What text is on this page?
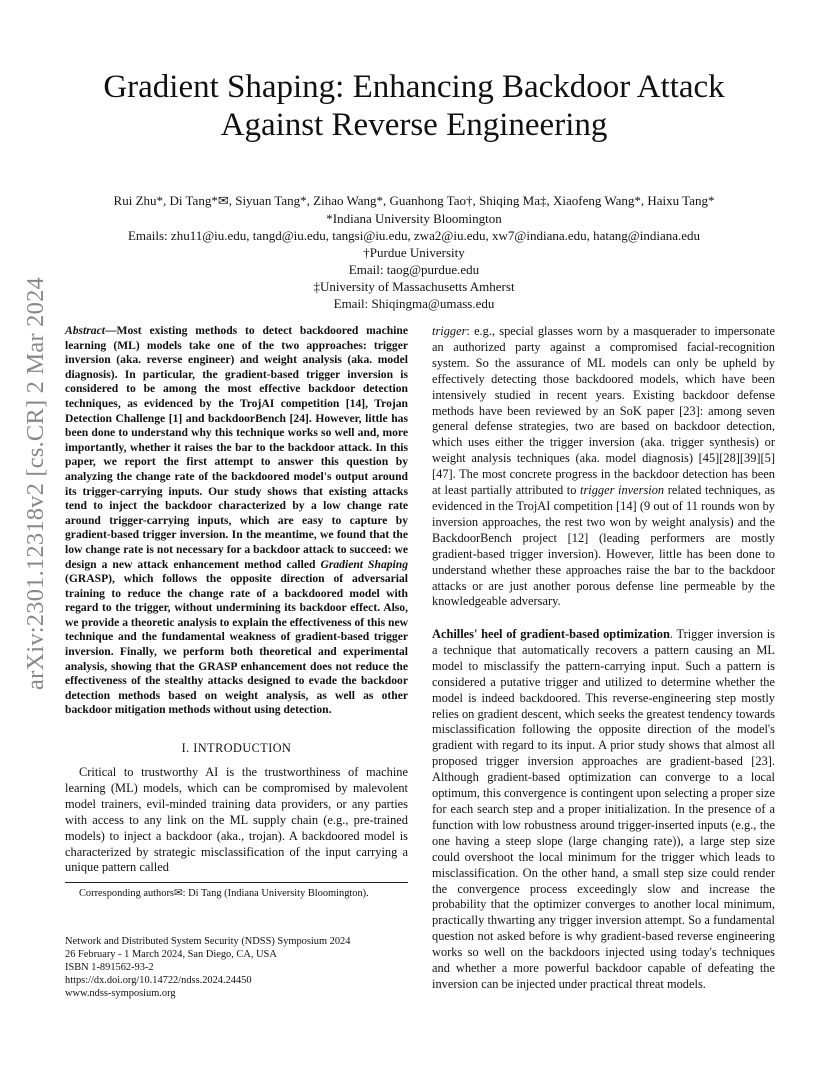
Gradient Shaping: Enhancing Backdoor Attack
Against Reverse Engineering
Rui Zhu*, Di Tang*✉, Siyuan Tang*, Zihao Wang*, Guanhong Tao†, Shiqing Ma‡, Xiaofeng Wang*, Haixu Tang*
*Indiana University Bloomington
Emails: zhu11@iu.edu, tangd@iu.edu, tangsi@iu.edu, zwa2@iu.edu, xw7@indiana.edu, hatang@indiana.edu
†Purdue University
Email: taog@purdue.edu
‡University of Massachusetts Amherst
Email: Shiqingma@umass.edu
arXiv:2301.12318v2 [cs.CR] 2 Mar 2024 Abstract—Most existing methods to detect backdoored machine learning (ML) models take one of the two approaches: trigger inversion (aka. reverse engineer) and weight analysis (aka. model diagnosis). In particular, the gradient-based trigger inversion is considered to be among the most effective backdoor detection techniques, as evidenced by the TrojAI competition [14], Trojan Detection Challenge [1] and backdoorBench [24]. However, little has been done to understand why this technique works so well and, more importantly, whether it raises the bar to the backdoor attack. In this paper, we report the first attempt to answer this question by analyzing the change rate of the backdoored model's output around its trigger-carrying inputs. Our study shows that existing attacks tend to inject the backdoor characterized by a low change rate around trigger-carrying inputs, which are easy to capture by gradient-based trigger inversion. In the meantime, we found that the low change rate is not necessary for a backdoor attack to succeed: we design a new attack enhancement method called Gradient Shaping (GRASP), which follows the opposite direction of adversarial training to reduce the change rate of a backdoored model with regard to the trigger, without undermining its backdoor effect. Also, we provide a theoretic analysis to explain the effectiveness of this new technique and the fundamental weakness of gradient-based trigger inversion. Finally, we perform both theoretical and experimental analysis, showing that the GRASP enhancement does not reduce the effectiveness of the stealthy attacks designed to evade the backdoor detection methods based on weight analysis, as well as other backdoor mitigation methods without using detection.

I. INTRODUCTION

Critical to trustworthy AI is the trustworthiness of machine learning (ML) models, which can be compromised by malevolent model trainers, evil-minded training data providers, or any parties with access to any link on the ML supply chain (e.g., pre-trained models) to inject a backdoor (aka., trojan). A backdoored model is characterized by strategic misclassification of the input carrying a unique pattern called

Corresponding authors✉: Di Tang (Indiana University Bloomington).
Network and Distributed System Security (NDSS) Symposium 2024
26 February - 1 March 2024, San Diego, CA, USA
ISBN 1-891562-93-2
https://dx.doi.org/10.14722/ndss.2024.24450
www.ndss-symposium.org

trigger: e.g., special glasses worn by a masquerader to impersonate an authorized party against a compromised facial-recognition system. So the assurance of ML models can only be upheld by effectively detecting those backdoored models, which have been intensively studied in recent years. Existing backdoor defense methods have been reviewed by an SoK paper [23]: among seven general defense strategies, two are based on backdoor detection, which uses either the trigger inversion (aka. trigger synthesis) or weight analysis techniques (aka. model diagnosis) [45][28][39][5][47]. The most concrete progress in the backdoor detection has been at least partially attributed to trigger inversion related techniques, as evidenced in the TrojAI competition [14] (9 out of 11 rounds won by inversion approaches, the rest two won by weight analysis) and the BackdoorBench project [12] (leading performers are mostly gradient-based trigger inversion). However, little has been done to understand whether these approaches raise the bar to the backdoor attacks or are just another porous defense line permeable by the knowledgeable adversary.

Achilles' heel of gradient-based optimization. Trigger inversion is a technique that automatically recovers a pattern causing an ML model to misclassify the pattern-carrying input. Such a pattern is considered a putative trigger and utilized to determine whether the model is indeed backdoored. This reverse-engineering step mostly relies on gradient descent, which seeks the greatest tendency towards misclassification following the opposite direction of the model's gradient with regard to its input. A prior study shows that almost all proposed trigger inversion approaches are gradient-based [23]. Although gradient-based optimization can converge to a local optimum, this convergence is contingent upon selecting a proper size for each search step and a proper initialization. In the presence of a function with low robustness around trigger-inserted inputs (e.g., the one having a steep slope (large changing rate)), a large step size could overshoot the local minimum for the trigger which leads to misclassification. On the other hand, a small step size could render the convergence process exceedingly slow and increase the probability that the optimizer converges to another local minimum, practically thwarting any trigger inversion attempt. So a fundamental question not asked before is why gradient-based reverse engineering works so well on the backdoors injected using today's techniques and whether a more powerful backdoor capable of defeating the inversion can be injected under practical threat models.
